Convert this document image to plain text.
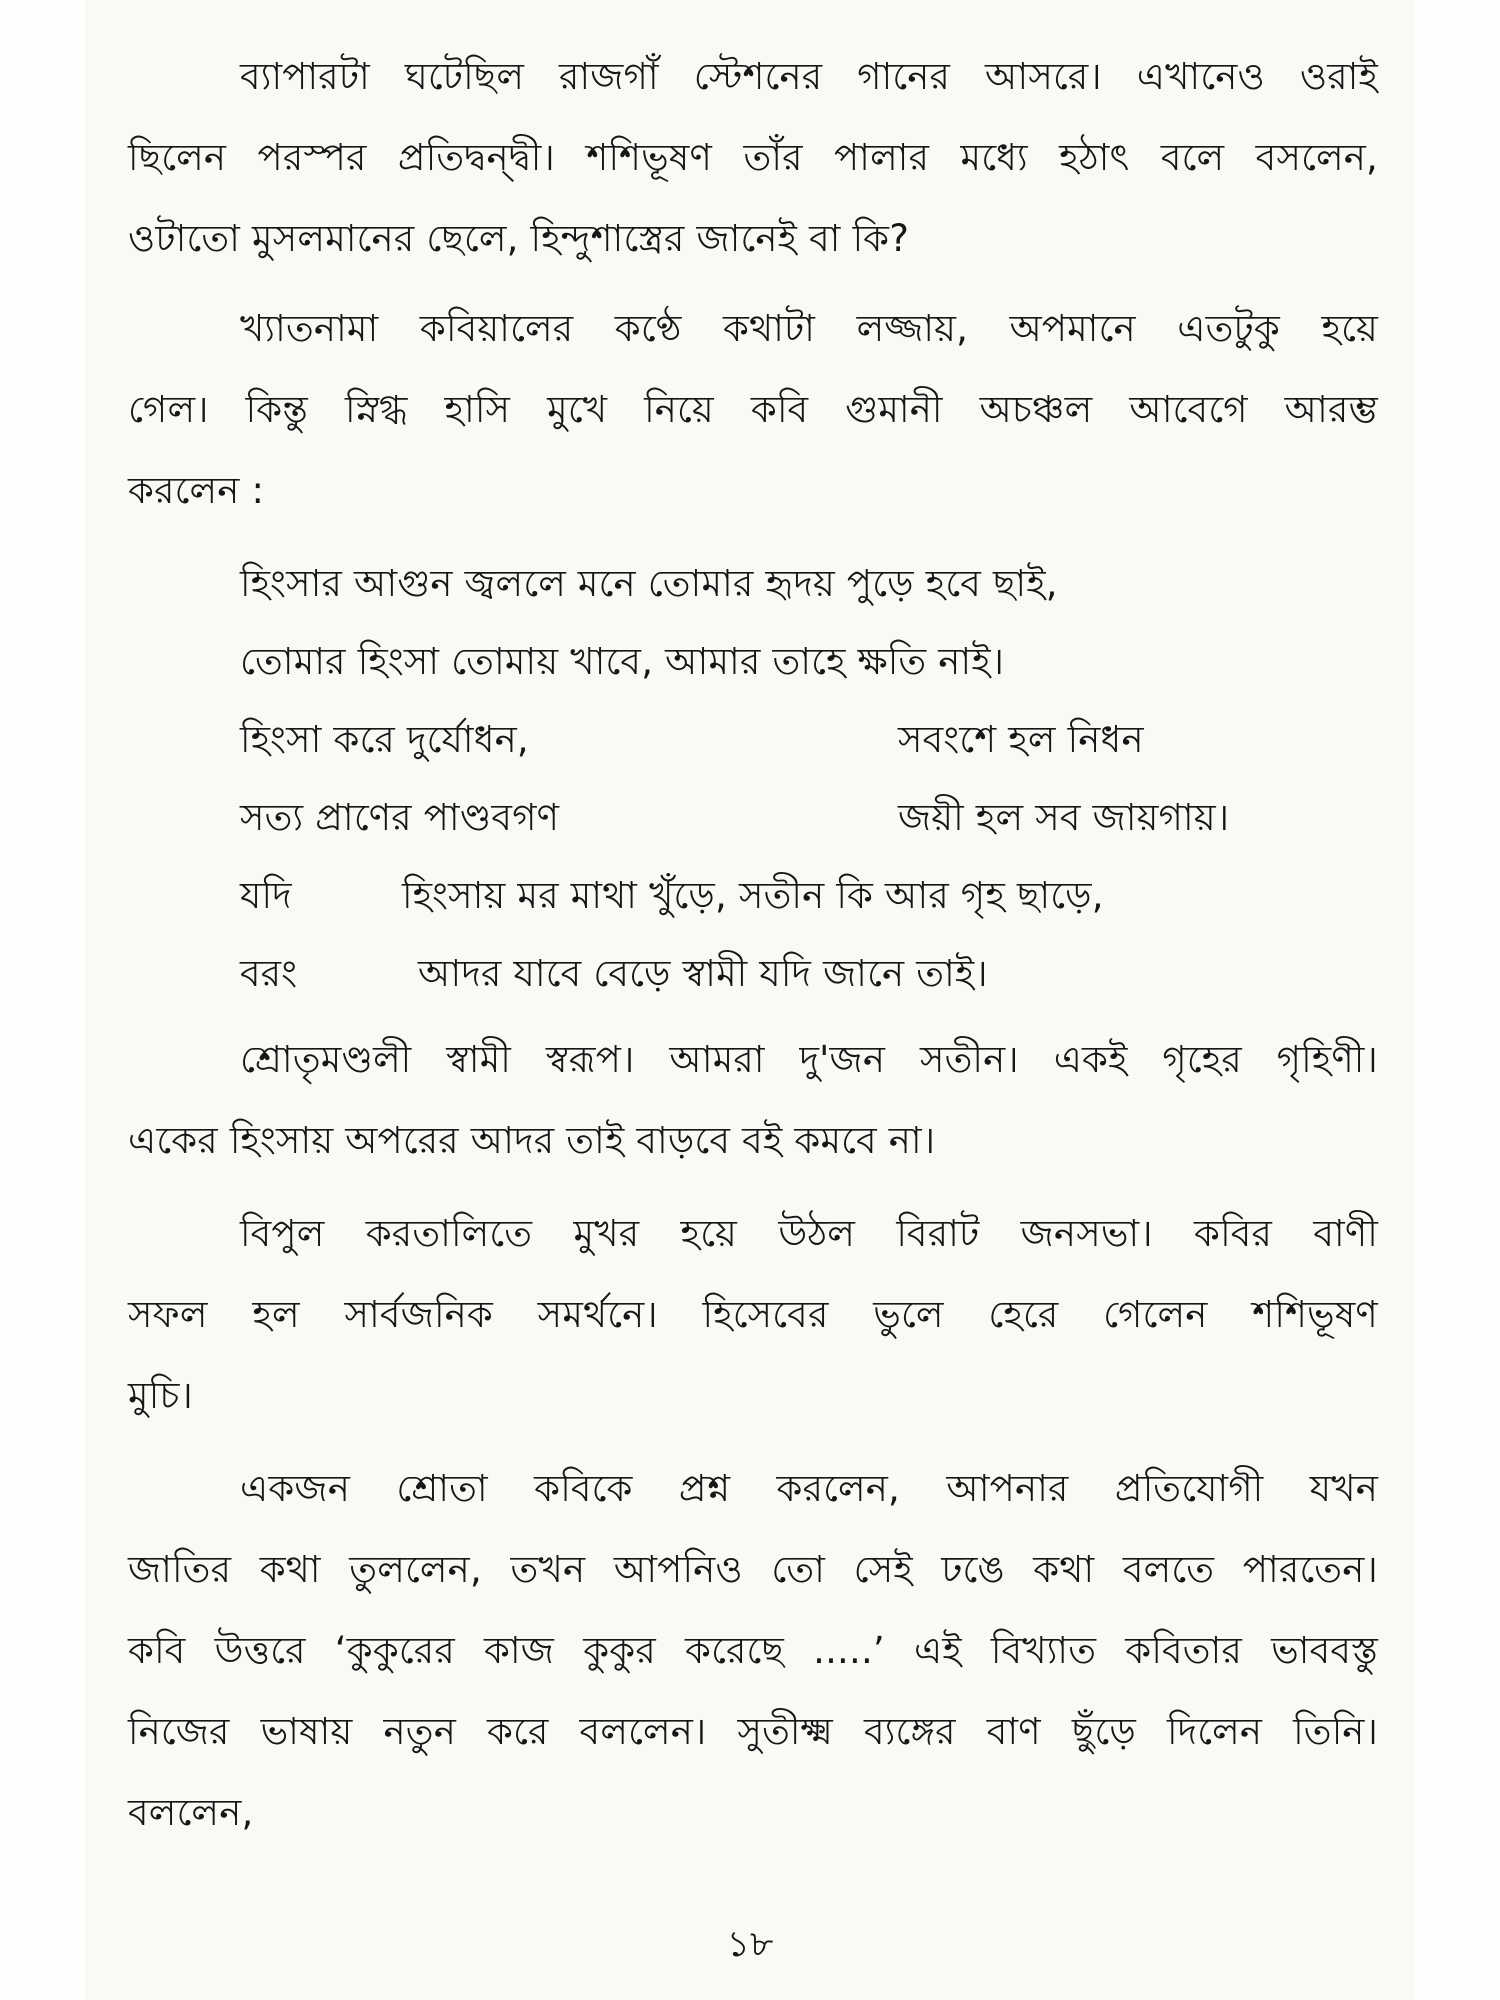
ব্যাপারটা ঘটেছিল রাজগাঁ স্টেশনের গানের আসরে। এখানেও ওরাই
ছিলেন পরস্পর প্রতিদ্বন্দ্বী। শশিভূষণ তাঁর পালার মধ্যে হঠাৎ বলে বসলেন,
ওটাতো মুসলমানের ছেলে, হিন্দুশাস্ত্রের জানেই বা কি?
খ্যাতনামা কবিয়ালের কণ্ঠে কথাটা লজ্জায়, অপমানে এতটুকু হয়ে
গেল। কিন্তু স্নিগ্ধ হাসি মুখে নিয়ে কবি গুমানী অচঞ্চল আবেগে আরম্ভ
করলেন :
হিংসার আগুন জ্বললে মনে তোমার হৃদয় পুড়ে হবে ছাই,
তোমার হিংসা তোমায় খাবে, আমার তাহে ক্ষতি নাই।
হিংসা করে দুর্যোধন,	সবংশে হল নিধন
সত্য প্রাণের পাণ্ডবগণ	জয়ী হল সব জায়গায়।
যদি	হিংসায় মর মাথা খুঁড়ে, সতীন কি আর গৃহ ছাড়ে,
বরং	আদর যাবে বেড়ে স্বামী যদি জানে তাই।
শ্রোতৃমণ্ডলী স্বামী স্বরূপ। আমরা দু'জন সতীন। একই গৃহের গৃহিণী।
একের হিংসায় অপরের আদর তাই বাড়বে বই কমবে না।
বিপুল করতালিতে মুখর হয়ে উঠল বিরাট জনসভা। কবির বাণী
সফল হল সার্বজনিক সমর্থনে। হিসেবের ভুলে হেরে গেলেন শশিভূষণ
মুচি।
একজন শ্রোতা কবিকে প্রশ্ন করলেন, আপনার প্রতিযোগী যখন
জাতির কথা তুললেন, তখন আপনিও তো সেই ঢঙে কথা বলতে পারতেন।
কবি উত্তরে ‘কুকুরের কাজ কুকুর করেছে .....’ এই বিখ্যাত কবিতার ভাববস্তু
নিজের ভাষায় নতুন করে বললেন। সুতীক্ষ্ম ব্যঙ্গের বাণ ছুঁড়ে দিলেন তিনি।
বললেন,
১৮
